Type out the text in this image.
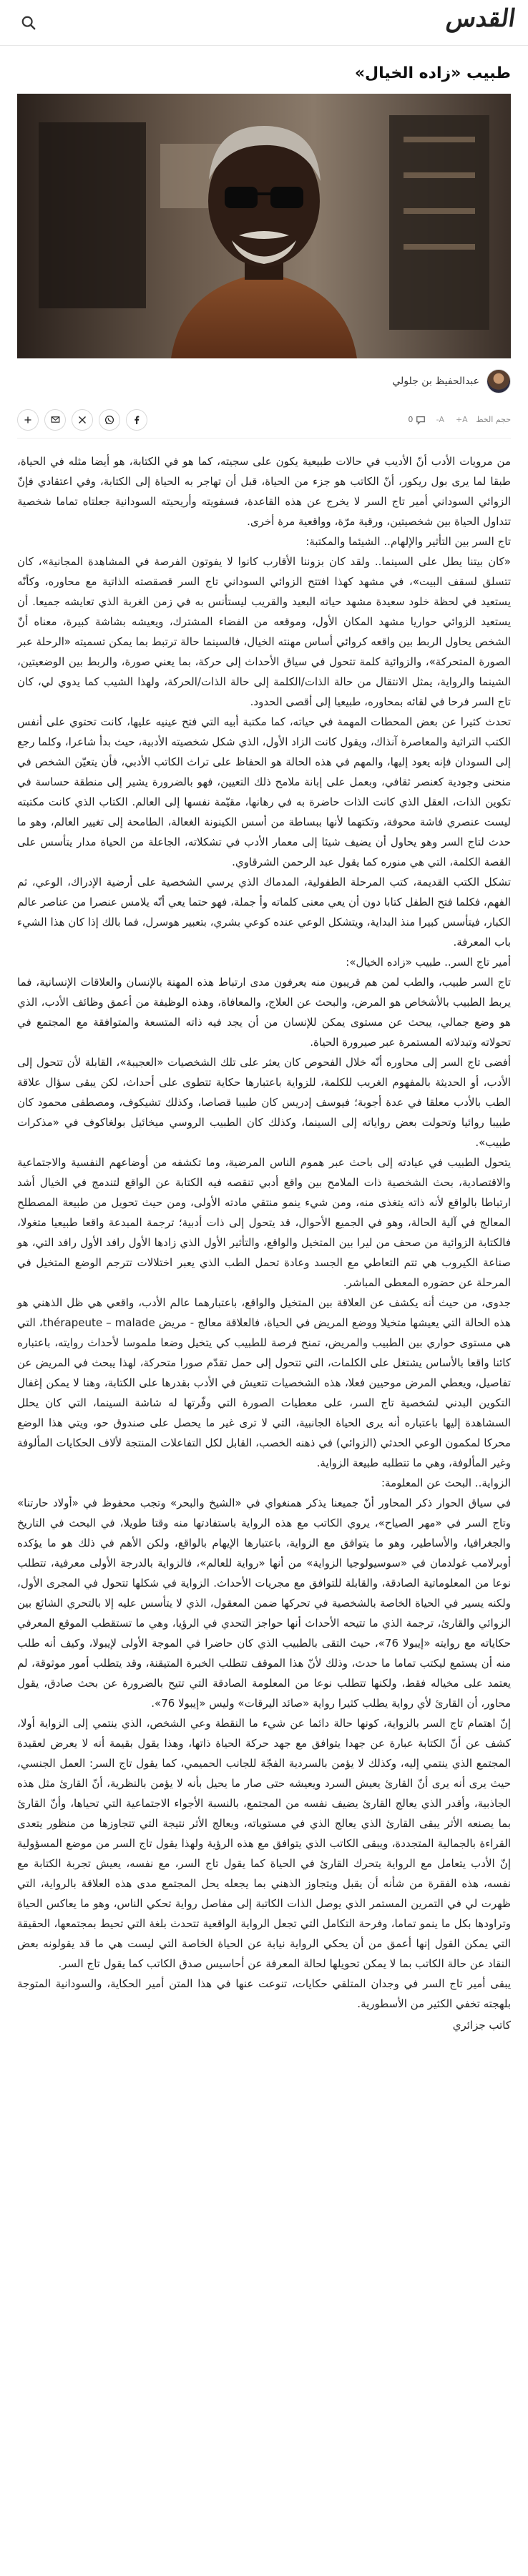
القدس
طبيب «زاده الخيال»
عبدالحفيظ بن جلولي
حجم الخط
A+
A-
0

من مرويات الأدب أنّ الأديب في حالات طبيعية يكون على سجيته، كما هو في الكتابة، هو أيضا مثله في الحياة، طبقا لما يرى بول ريكور، أنّ الكاتب هو جزء من الحياة، قبل أن تهاجر به الحياة إلى الكتابة، وفي اعتقادي فإنّ الزوائي السوداني أمير تاج السر لا يخرج عن هذه القاعدة، فسفويته وأريحيته السودانية جعلتاه تماما شخصية تتداول الحياة بين شخصيتين، ورقية مرّة، وواقعية مرة أخرى.

تاج السر بين التأثير والإلهام.. الشيئما والمكتبة:

«كان بيتنا يطل على السينما.. ولقد كان بزوننا الأقارب كانوا لا يفوتون الفرصة في المشاهدة المجانية»، كان تتسلق لسقف البيت»، في مشهد كهذا افتتح الزوائي السوداني تاج السر قصقصته الذاتية مع محاوره، وكأنّه يستعيد في لحظة خلود سعيدة مشهد حياته البعيد والقريب ليستأنس به في زمن الغربة الذي تعايشه جميعا. أن يستعيد الزوائي حواريا مشهد المكان الأول، وموقعه من الفضاء المشترك، ويعيشه بشاشة كبيرة، معناه أنّ الشخص يحاول الربط بين واقعه كروائي أساس مهنته الخيال، فالسينما حالة ترتبط بما يمكن تسميته «الرحلة عبر الصورة المتحركة»، والزوائية كلمة تتحول في سياق الأحداث إلى حركة، بما يعني صورة، والربط بين الوضعيتين، الشينما والرواية، يمثل الانتقال من حالة الذات/الكلمة إلى حالة الذات/الحركة، ولهذا الشيب كما يدوي لي، كان تاج السر فرحا في لقائه بمحاوره، طبيعيا إلى أقصى الحدود.

تحدث كثيرا عن بعض المحطات المهمة في حياته، كما مكتبة أبيه التي فتح عينيه عليها، كانت تحتوي على أنفس الكتب التراثية والمعاصرة آنذاك، ويقول كانت الزاد الأول، الذي شكل شخصيته الأدبية، حيث بدأ شاعرا، وكلما رجع إلى السودان فإنه يعود إليها، والمهم في هذه الحالة هو الحفاظ على تراث الكاتب الأدبي، فأن يتعيّن الشخص في منحنى وجودية كعنصر ثقافي، وبعمل على إبانة ملامح ذلك التعيين، فهو بالضرورة يشير إلى منطقة حساسة في تكوين الذات، العقل الذي كانت الذات حاضرة به في رهانها، مقيّمة نفسها إلى العالم. الكتاب الذي كانت مكتبته ليست عنصري فاشة محوفة، وتكتهما لأنها ببساطة من أسس الكينونة الغعالة، الطامحة إلى تغيير العالم، وهو ما حدث لتاج السر وهو يحاول أن يضيف شيئا إلى معمار الأدب في تشكلاته، الجاعلة من الحياة مدار يتأسس على القصة الكلمة، التي هي منوره كما يقول عبد الرحمن الشرقاوي.

تشكل الكتب القديمة، كتب المرحلة الطفولية، المدماك الذي يرسي الشخصية على أرضية الإدراك، الوعي، ثم الفهم، فكلما فتح الطفل كتابا دون أن يعي معنى كلماته وأ جملة، فهو حتما يعي أنّه يلامس عنصرا من عناصر عالم الكبار، فيتأسس كبيرا منذ البداية، ويتشكل الوعي عنده كوعي بشري، بتعبير هوسرل، فما بالك إذا كان هذا الشيء باب المعرفة.

أمير تاج السر.. طبيب «زاده الخيال»:

تاج السر طبيب، والطب لمن هم قريبون منه يعرفون مدى ارتباط هذه المهنة بالإنسان والعلاقات الإنسانية، فما يربط الطبيب بالأشخاص هو المرض، والبحث عن العلاج، والمعافاة، وهذه الوظيفة من أعمق وظائف الأدب، الذي هو وضع جمالي، يبحث عن مستوى يمكن للإنسان من أن يجد فيه ذاته المتسعة والمتوافقة مع المجتمع في تحولاته وتبدلاته المستمرة عبر صيرورة الحياة.

أفضى تاج السر إلى محاوره أنّه خلال الفحوص كان يعثر على تلك الشخصيات «العجيبة»، القابلة لأن تتحول إلى الأدب، أو الحديثة بالمفهوم الغريب للكلمة، للزواية باعتبارها حكاية تتطوى على أحداث، لكن يبقى سؤال علاقة الطب بالأدب معلقا في عدة أجوبة؛ فيوسف إدريس كان طبيبا قصاصا، وكذلك تشيكوف، ومصطفى محمود كان طبيبا روائيا وتحولت بعض رواياته إلى السينما، وكذلك كان الطبيب الروسي ميخائيل بولغاكوف في «مذكرات طبيب».

يتحول الطبيب في عيادته إلى باحث عبر هموم الناس المرضية، وما تكشفه من أوضاعهم النفسية والاجتماعية والاقتصادية، بحث الشخصية ذات الملامح بين واقع أدبي تنقصه فيه الكتابة عن الواقع لتندمج في الخيال أشد ارتباطا بالواقع لأنه ذاته يتغذى منه، ومن شيء ينمو منتقي مادته الأولى، ومن حيث تحويل من طبيعة المصطلح المعالج في آلية الحالة، وهو في الجميع الأحوال، قد يتحول إلى ذات أدبية؛ ترجمة المبدعة واقعا طبيعيا متغولا، فالكتابة الزوائية من صحف من ليرا بين المتخيل والواقع، والتأثير الأول الذي زادها الأول رافد الأول رافد التي، هو صناعة الكيروب هي تتم التعاطي مع الجسد وعادة تحمل الطب الذي يعبر اختلالات تترجم الوضع المتخيل في المرحلة عن حضوره المعطى المباشر.

جدوى، من حيث أنه يكشف عن العلاقة بين المتخيل والواقع، باعتبارهما عالم الأدب، واقعي هي ظل الذهني هو هذه الحالة التي يعيشها متخيلا ووضع المريض في الحياة، فالعلاقة معالج - مريض thérapeute – malade، التي هي مستوى حواري بين الطبيب والمريض، تمنح فرصة للطبيب كي يتخيل وضعا ملموسا لأحداث روايته، باعتباره كائنا واقعا بالأساس يشتغل على الكلمات، التي تتحول إلى حمل تقدّم صورا متحركة، لهذا يبحث في المريض عن تفاصيل، ويعطي المرض موحيين فعلا، هذه الشخصيات تتعيش في الأدب بقدرها على الكتابة، وهنا لا يمكن إغفال التكوين البدني لشخصية تاج السر، على معطيات الصورة التي وفّرتها له شاشة السينما، التي كان يحلل السشاهدة إليها باعتباره أنه يرى الحياة الجانبية، التي لا ترى غير ما يحصل على صندوق حو، ويتي هذا الوضع محركا لمكمون الوعي الحدثي (الزوائي) في ذهنه الخصب، القابل لكل التفاعلات المنتجة لألاف الحكايات المألوفة وغير المألوفة، وهي ما تتطلبه طبيعة الزواية.

الزواية.. البحث عن المعلومة:

في سياق الحوار ذكر المحاور أنّ جميعنا يذكر همنغواي في «الشيخ والبحر» وتجب محفوظ في «أولاد حارتنا» وتاج السر في «مهر الصياح»، يروي الكاتب مع هذه الرواية باستفادتها منه وقتا طويلا، في البحث في التاريخ والجغرافيا، والأساطير، وهو ما يتوافق مع الزواية، باعتبارها الإيهام بالواقع، ولكن الأهم في ذلك هو ما يؤكده أوبرلامب غولدمان في «سوسيولوجيا الزواية» من أنها «رواية للعالم»، فالزواية بالدرجة الأولى معرفية، تتطلب نوعا من المعلوماتية الصادقة، والقابلة للتوافق مع مجريات الأحداث. الزواية في شكلها تتحول في المجرى الأول، ولكنه يسير في الحياة الخاصة بالشخصية في تحركها ضمن المعقول، الذي لا يتأسس عليه إلا بالتحري الشائع بين الزوائي والقارئ، ترجمة الذي ما تتيحه الأحداث أنها حواجز التحدي في الرؤيا، وهي ما تستقطب الموقع المعرفي حكاياته مع روايته «إيبولا 76»، حيث التقى بالطبيب الذي كان حاضرا في الموجة الأولى لإيبولا، وكيف أنه طلب منه أن يستمع ليكتب تماما ما حدث، وذلك لأنّ هذا الموقف تتطلب الخبرة المتيقنة، وقد يتطلب أمور موثوقة، لم يعتمد على مخياله فقط، ولكنها تتطلب نوعا من المعلومة الصادقة التي تتيح بالضرورة عن بحث صادق، يقول محاور، أن القارئ لأي رواية يطلب كثيرا رواية «صائد اليرقات» وليس «إيبولا 76».

إنّ اهتمام تاج السر بالزواية، كونها حالة دائما عن شيء ما النقطة وعي الشخص، الذي ينتمي إلى الزواية أولا، كشف عن أنّ الكتابة عبارة عن جهدا يتوافق مع جهد حركة الحياة ذاتها، وهذا يقول بقيمة أنه لا يعرض لعقيدة المجتمع الذي ينتمي إليه، وكذلك لا يؤمن بالسردية الفجّة للجانب الحميمي، كما يقول تاج السر: العمل الجنسي، حيث يرى أنه يرى أنّ القارئ يعيش السرد ويعيشه حتى صار ما يحيل بأنه لا يؤمن بالنظرية، أنّ القارئ مثل هذه الجاذبية، وأقدر الذي يعالج القارئ يضيف نفسه من المجتمع، بالنسبة الأجواء الاجتماعية التي تحياها، وأنّ القارئ بما يصنعه الأثر يبقى القارئ الذي يعالج الذي في مستوياته، ويعالج الأثر نتيجة التي تتجاوزها من منظور يتعدى القراءة بالجمالية المتجددة، ويبقى الكاتب الذي يتوافق مع هذه الرؤية ولهذا يقول تاج السر من موضع المسؤولية إنّ الأدب يتعامل مع الرواية يتحرك القارئ في الحياة كما يقول تاج السر، مع نفسه، يعيش تجربة الكتابة مع نفسه، هذه الفقرة من شأنه أن يقبل ويتجاوز الذهني بما يجعله يحل المجتمع مدى هذه العلاقة بالرواية، التي ظهرت لي في التمرين المستمر الذي يوصل الذات الكاتبة إلى مفاصل رواية تحكي الناس، وهو ما يعاكس الحياة وتراودها بكل ما ينمو تماما، وفرحة التكامل التي تجعل الرواية الواقعية تتحدث بلغة التي تحيط بمجتمعها، الحقيقة التي يمكن القول إنها أعمق من أن يحكي الرواية نيابة عن الحياة الخاصة التي ليست هي ما قد يقولونه بعض النقاد عن حالة الكاتب بما لا يمكن تحويلها لحالة المعرفة عن أحاسيس صدق الكاتب كما يقول تاج السر.

يبقى أمير تاج السر في وجدان المتلقي حكايات، تنوعت عنها في هذا المتن أمير الحكاية، والسودانية المتوجة بلهجته تخفي الكثير من الأسطورية.

كاتب جزائري
